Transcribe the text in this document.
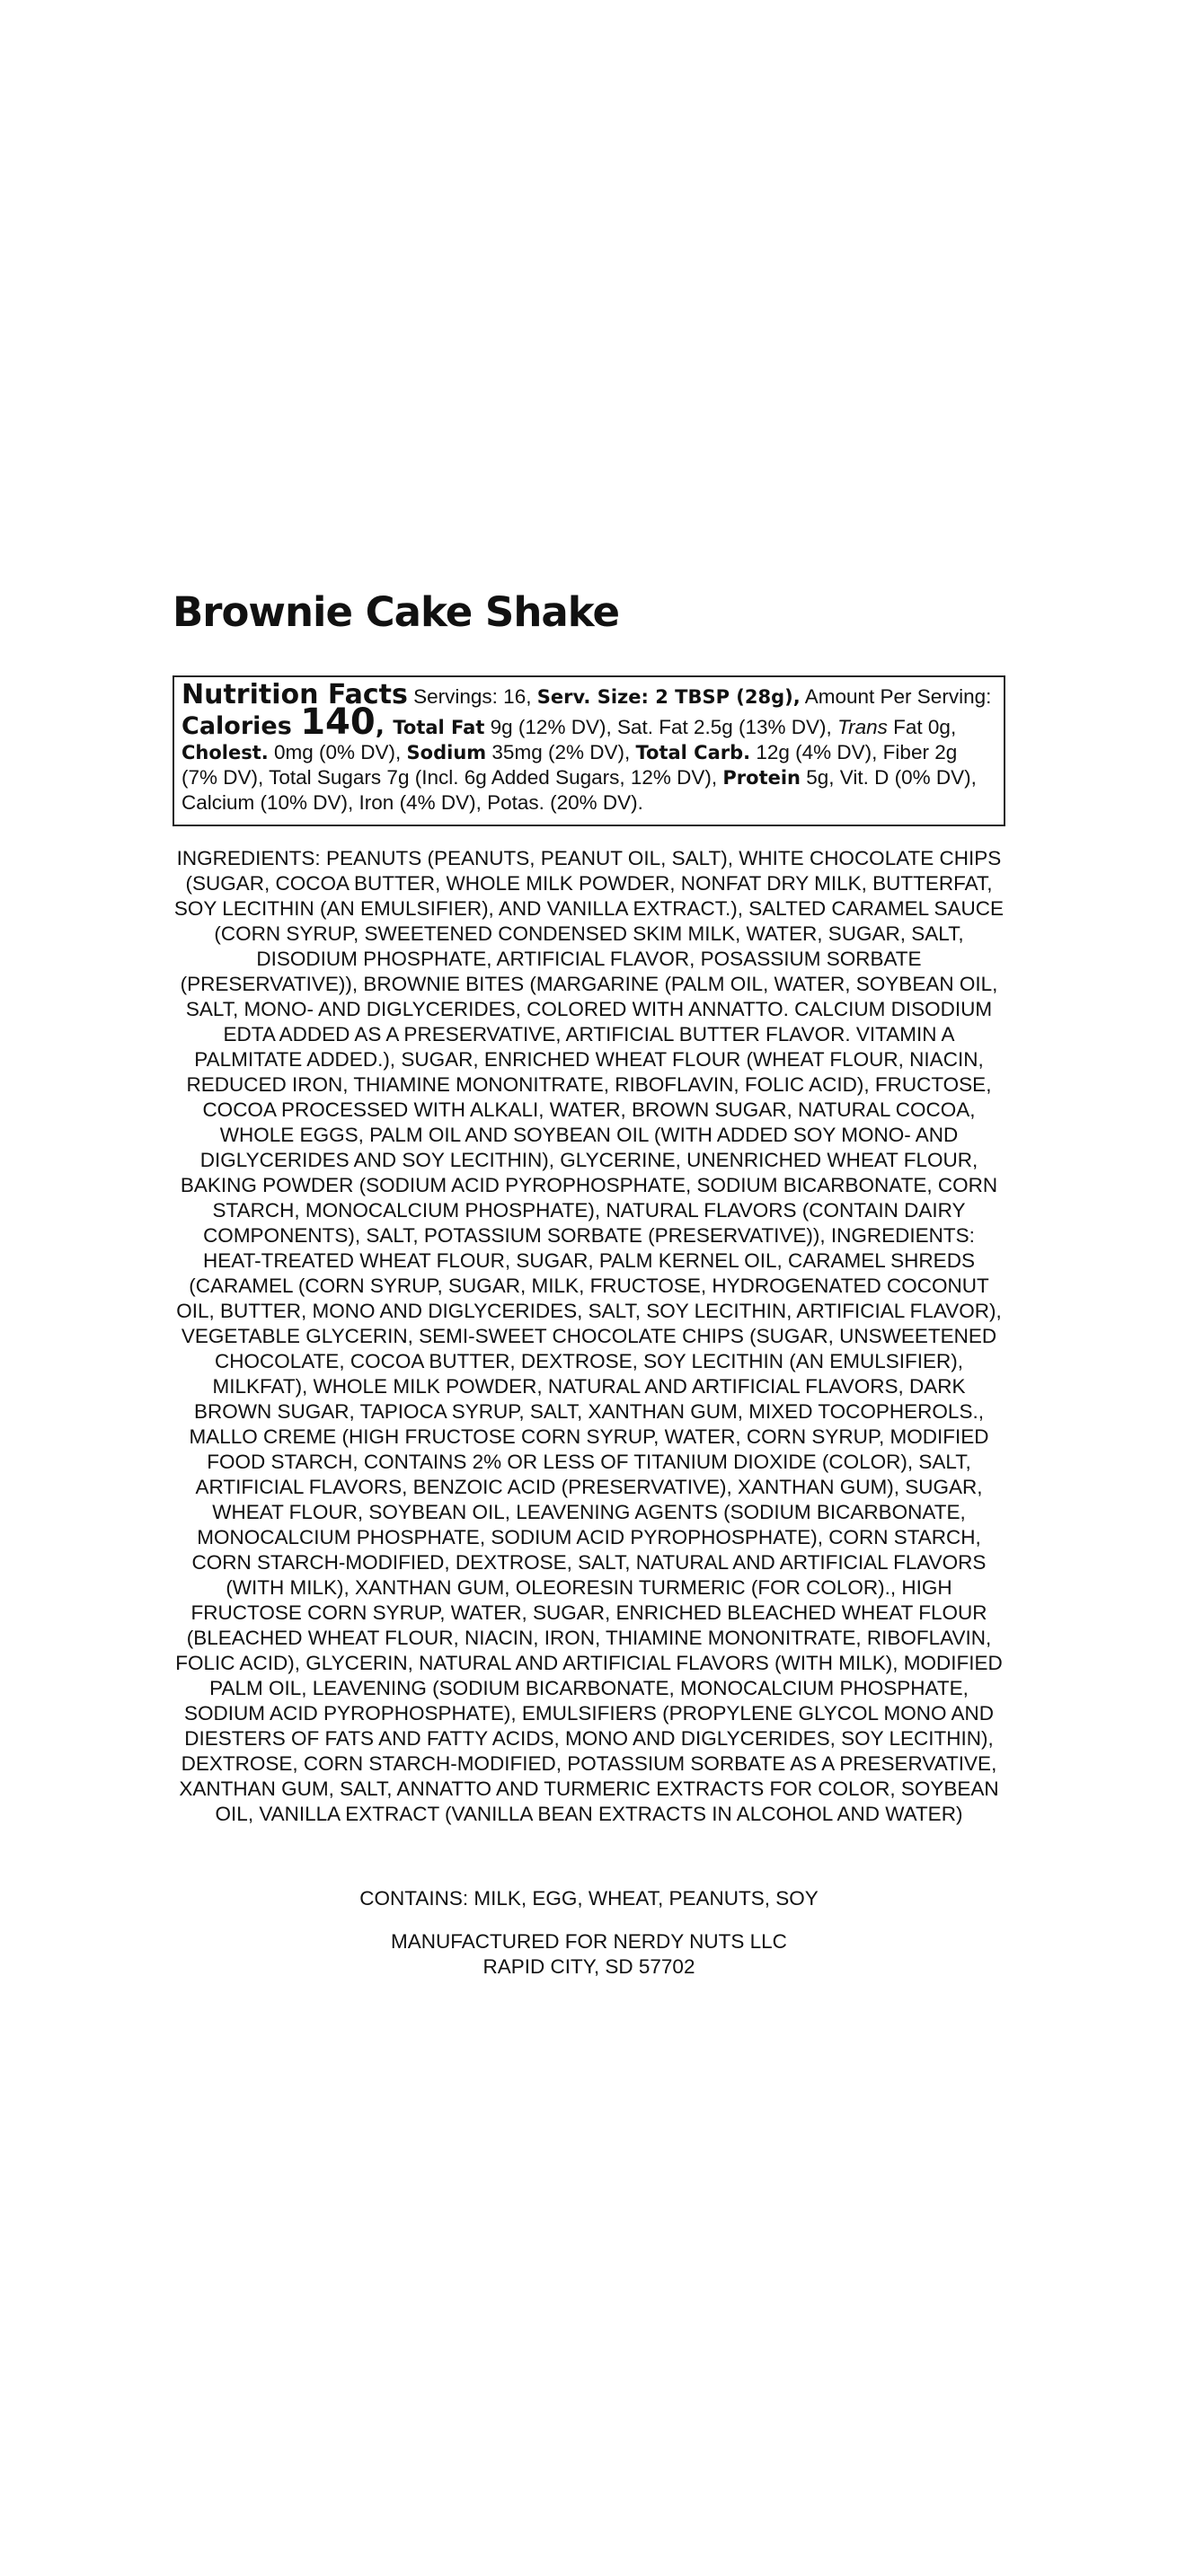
Brownie Cake Shake
Nutrition Facts Servings: 16, Serv. Size: 2 TBSP (28g), Amount Per Serving: Calories 140, Total Fat 9g (12% DV), Sat. Fat 2.5g (13% DV), Trans Fat 0g, Cholest. 0mg (0% DV), Sodium 35mg (2% DV), Total Carb. 12g (4% DV), Fiber 2g (7% DV), Total Sugars 7g (Incl. 6g Added Sugars, 12% DV), Protein 5g, Vit. D (0% DV), Calcium (10% DV), Iron (4% DV), Potas. (20% DV).

INGREDIENTS: PEANUTS (PEANUTS, PEANUT OIL, SALT), WHITE CHOCOLATE CHIPS (SUGAR, COCOA BUTTER, WHOLE MILK POWDER, NONFAT DRY MILK, BUTTERFAT, SOY LECITHIN (AN EMULSIFIER), AND VANILLA EXTRACT.), SALTED CARAMEL SAUCE (CORN SYRUP, SWEETENED CONDENSED SKIM MILK, WATER, SUGAR, SALT, DISODIUM PHOSPHATE, ARTIFICIAL FLAVOR, POSASSIUM SORBATE (PRESERVATIVE)), BROWNIE BITES (MARGARINE (PALM OIL, WATER, SOYBEAN OIL, SALT, MONO- AND DIGLYCERIDES, COLORED WITH ANNATTO. CALCIUM DISODIUM EDTA ADDED AS A PRESERVATIVE, ARTIFICIAL BUTTER FLAVOR. VITAMIN A PALMITATE ADDED.), SUGAR, ENRICHED WHEAT FLOUR (WHEAT FLOUR, NIACIN, REDUCED IRON, THIAMINE MONONITRATE, RIBOFLAVIN, FOLIC ACID), FRUCTOSE, COCOA PROCESSED WITH ALKALI, WATER, BROWN SUGAR, NATURAL COCOA, WHOLE EGGS, PALM OIL AND SOYBEAN OIL (WITH ADDED SOY MONO- AND DIGLYCERIDES AND SOY LECITHIN), GLYCERINE, UNENRICHED WHEAT FLOUR, BAKING POWDER (SODIUM ACID PYROPHOSPHATE, SODIUM BICARBONATE, CORN STARCH, MONOCALCIUM PHOSPHATE), NATURAL FLAVORS (CONTAIN DAIRY COMPONENTS), SALT, POTASSIUM SORBATE (PRESERVATIVE)), INGREDIENTS: HEAT-TREATED WHEAT FLOUR, SUGAR, PALM KERNEL OIL, CARAMEL SHREDS (CARAMEL (CORN SYRUP, SUGAR, MILK, FRUCTOSE, HYDROGENATED COCONUT OIL, BUTTER, MONO AND DIGLYCERIDES, SALT, SOY LECITHIN, ARTIFICIAL FLAVOR), VEGETABLE GLYCERIN, SEMI-SWEET CHOCOLATE CHIPS (SUGAR, UNSWEETENED CHOCOLATE, COCOA BUTTER, DEXTROSE, SOY LECITHIN (AN EMULSIFIER), MILKFAT), WHOLE MILK POWDER, NATURAL AND ARTIFICIAL FLAVORS, DARK BROWN SUGAR, TAPIOCA SYRUP, SALT, XANTHAN GUM, MIXED TOCOPHEROLS., MALLO CREME (HIGH FRUCTOSE CORN SYRUP, WATER, CORN SYRUP, MODIFIED FOOD STARCH, CONTAINS 2% OR LESS OF TITANIUM DIOXIDE (COLOR), SALT, ARTIFICIAL FLAVORS, BENZOIC ACID (PRESERVATIVE), XANTHAN GUM), SUGAR, WHEAT FLOUR, SOYBEAN OIL, LEAVENING AGENTS (SODIUM BICARBONATE, MONOCALCIUM PHOSPHATE, SODIUM ACID PYROPHOSPHATE), CORN STARCH, CORN STARCH-MODIFIED, DEXTROSE, SALT, NATURAL AND ARTIFICIAL FLAVORS (WITH MILK), XANTHAN GUM, OLEORESIN TURMERIC (FOR COLOR)., HIGH FRUCTOSE CORN SYRUP, WATER, SUGAR, ENRICHED BLEACHED WHEAT FLOUR (BLEACHED WHEAT FLOUR, NIACIN, IRON, THIAMINE MONONITRATE, RIBOFLAVIN, FOLIC ACID), GLYCERIN, NATURAL AND ARTIFICIAL FLAVORS (WITH MILK), MODIFIED PALM OIL, LEAVENING (SODIUM BICARBONATE, MONOCALCIUM PHOSPHATE, SODIUM ACID PYROPHOSPHATE), EMULSIFIERS (PROPYLENE GLYCOL MONO AND DIESTERS OF FATS AND FATTY ACIDS, MONO AND DIGLYCERIDES, SOY LECITHIN), DEXTROSE, CORN STARCH-MODIFIED, POTASSIUM SORBATE AS A PRESERVATIVE, XANTHAN GUM, SALT, ANNATTO AND TURMERIC EXTRACTS FOR COLOR, SOYBEAN OIL, VANILLA EXTRACT (VANILLA BEAN EXTRACTS IN ALCOHOL AND WATER)

CONTAINS: MILK, EGG, WHEAT, PEANUTS, SOY

MANUFACTURED FOR NERDY NUTS LLC
RAPID CITY, SD 57702
